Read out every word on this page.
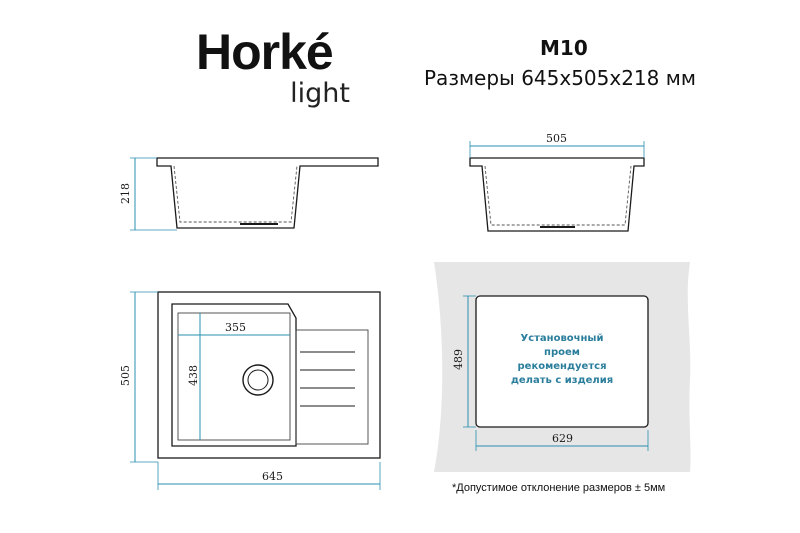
Horké
light
M10
Размеры 645x505x218 мм
218
505
505
355
438
645
489
629
Установочный
проем
рекомендуется
делать с изделия
*Допустимое отклонение размеров ± 5мм
